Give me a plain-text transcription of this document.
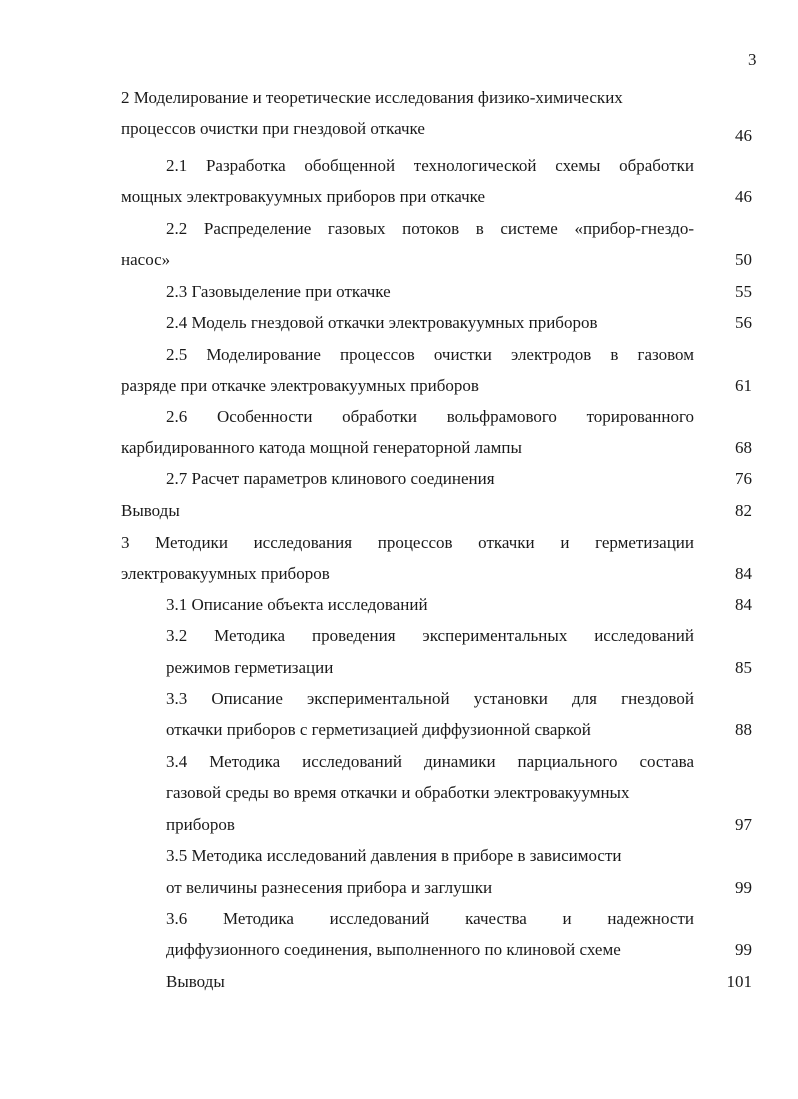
3
2 Моделирование и теоретические исследования физико-химических
процессов очистки при гнездовой откачке	46
2.1 Разработка обобщенной технологической схемы обработки
мощных электровакуумных приборов при откачке	46
2.2 Распределение газовых потоков в системе «прибор-гнездо-
насос»	50
2.3 Газовыделение при откачке	55
2.4 Модель гнездовой откачки электровакуумных приборов	56
2.5 Моделирование процессов очистки электродов в газовом
разряде при откачке электровакуумных приборов	61
2.6 Особенности обработки вольфрамового торированного
карбидированного катода мощной генераторной лампы	68
2.7 Расчет параметров клинового соединения	76
Выводы	82
3 Методики исследования процессов откачки и герметизации
электровакуумных приборов	84
3.1 Описание объекта исследований	84
3.2 Методика проведения экспериментальных исследований
режимов герметизации	85
3.3 Описание экспериментальной установки для гнездовой
откачки приборов с герметизацией диффузионной сваркой	88
3.4 Методика исследований динамики парциального состава
газовой среды во время откачки и обработки электровакуумных
приборов	97
3.5 Методика исследований давления в приборе в зависимости
от величины разнесения прибора и заглушки	99
3.6 Методика исследований качества и надежности
диффузионного соединения, выполненного по клиновой схеме	99
Выводы	101
